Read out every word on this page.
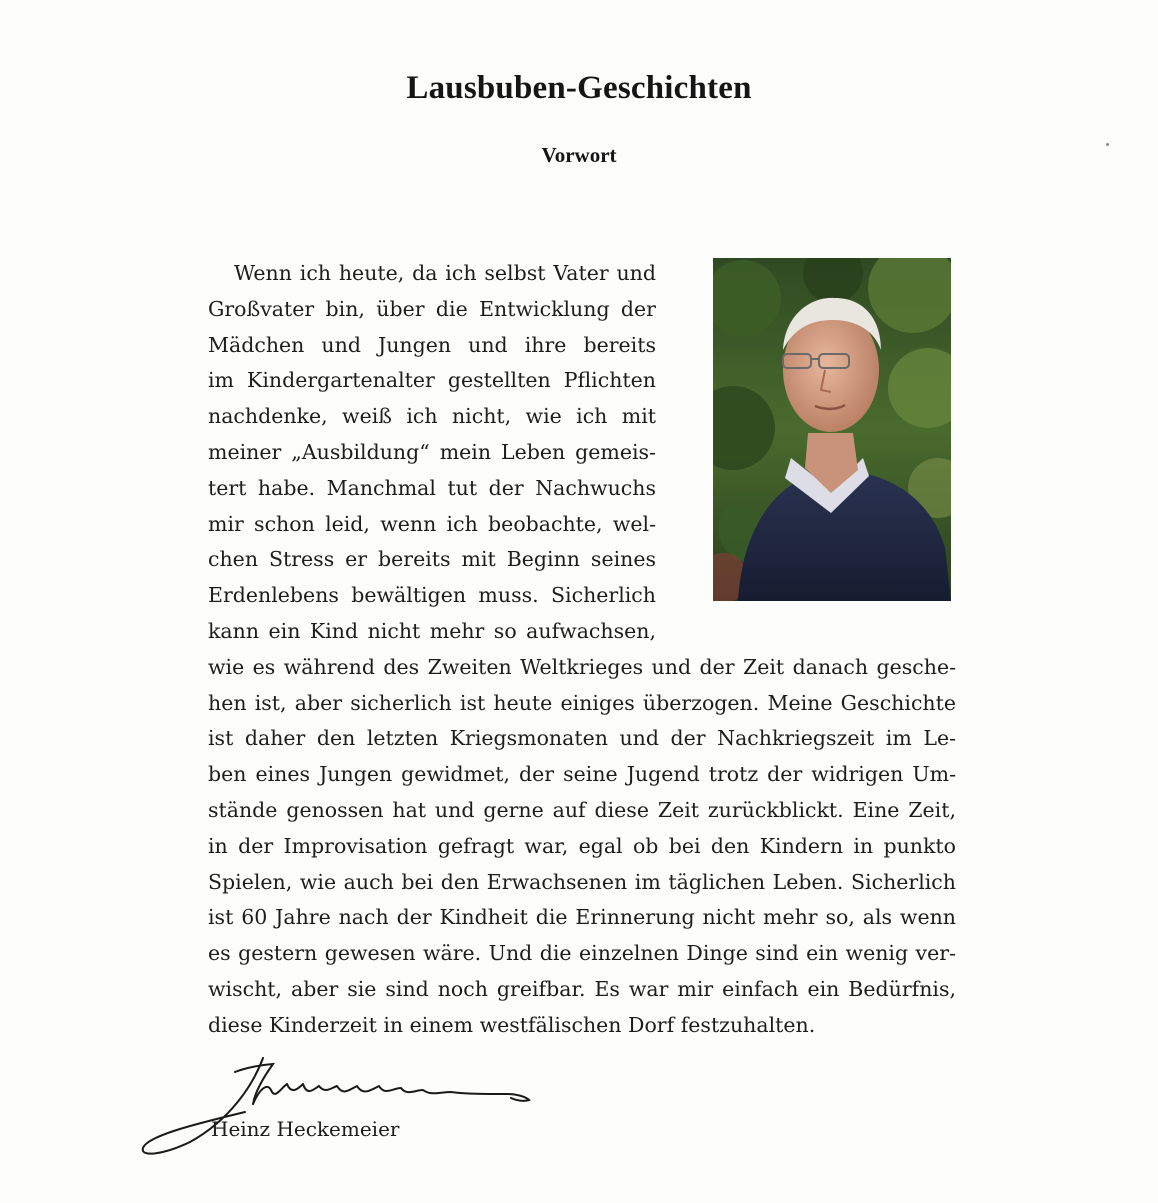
Lausbuben-Geschichten
Vorwort
Wenn ich heute, da ich selbst Vater und
Großvater bin, über die Entwicklung der
Mädchen und Jungen und ihre bereits
im Kindergartenalter gestellten Pflichten
nachdenke, weiß ich nicht, wie ich mit
meiner „Ausbildung“ mein Leben gemeis-
tert habe. Manchmal tut der Nachwuchs
mir schon leid, wenn ich beobachte, wel-
chen Stress er bereits mit Beginn seines
Erdenlebens bewältigen muss. Sicherlich
kann ein Kind nicht mehr so aufwachsen,
wie es während des Zweiten Weltkrieges und der Zeit danach gesche-
hen ist, aber sicherlich ist heute einiges überzogen. Meine Geschichte
ist daher den letzten Kriegsmonaten und der Nachkriegszeit im Le-
ben eines Jungen gewidmet, der seine Jugend trotz der widrigen Um-
stände genossen hat und gerne auf diese Zeit zurückblickt. Eine Zeit,
in der Improvisation gefragt war, egal ob bei den Kindern in punkto
Spielen, wie auch bei den Erwachsenen im täglichen Leben. Sicherlich
ist 60 Jahre nach der Kindheit die Erinnerung nicht mehr so, als wenn
es gestern gewesen wäre. Und die einzelnen Dinge sind ein wenig ver-
wischt, aber sie sind noch greifbar. Es war mir einfach ein Bedürfnis,
diese Kinderzeit in einem westfälischen Dorf festzuhalten.
Heinz Heckemeier
